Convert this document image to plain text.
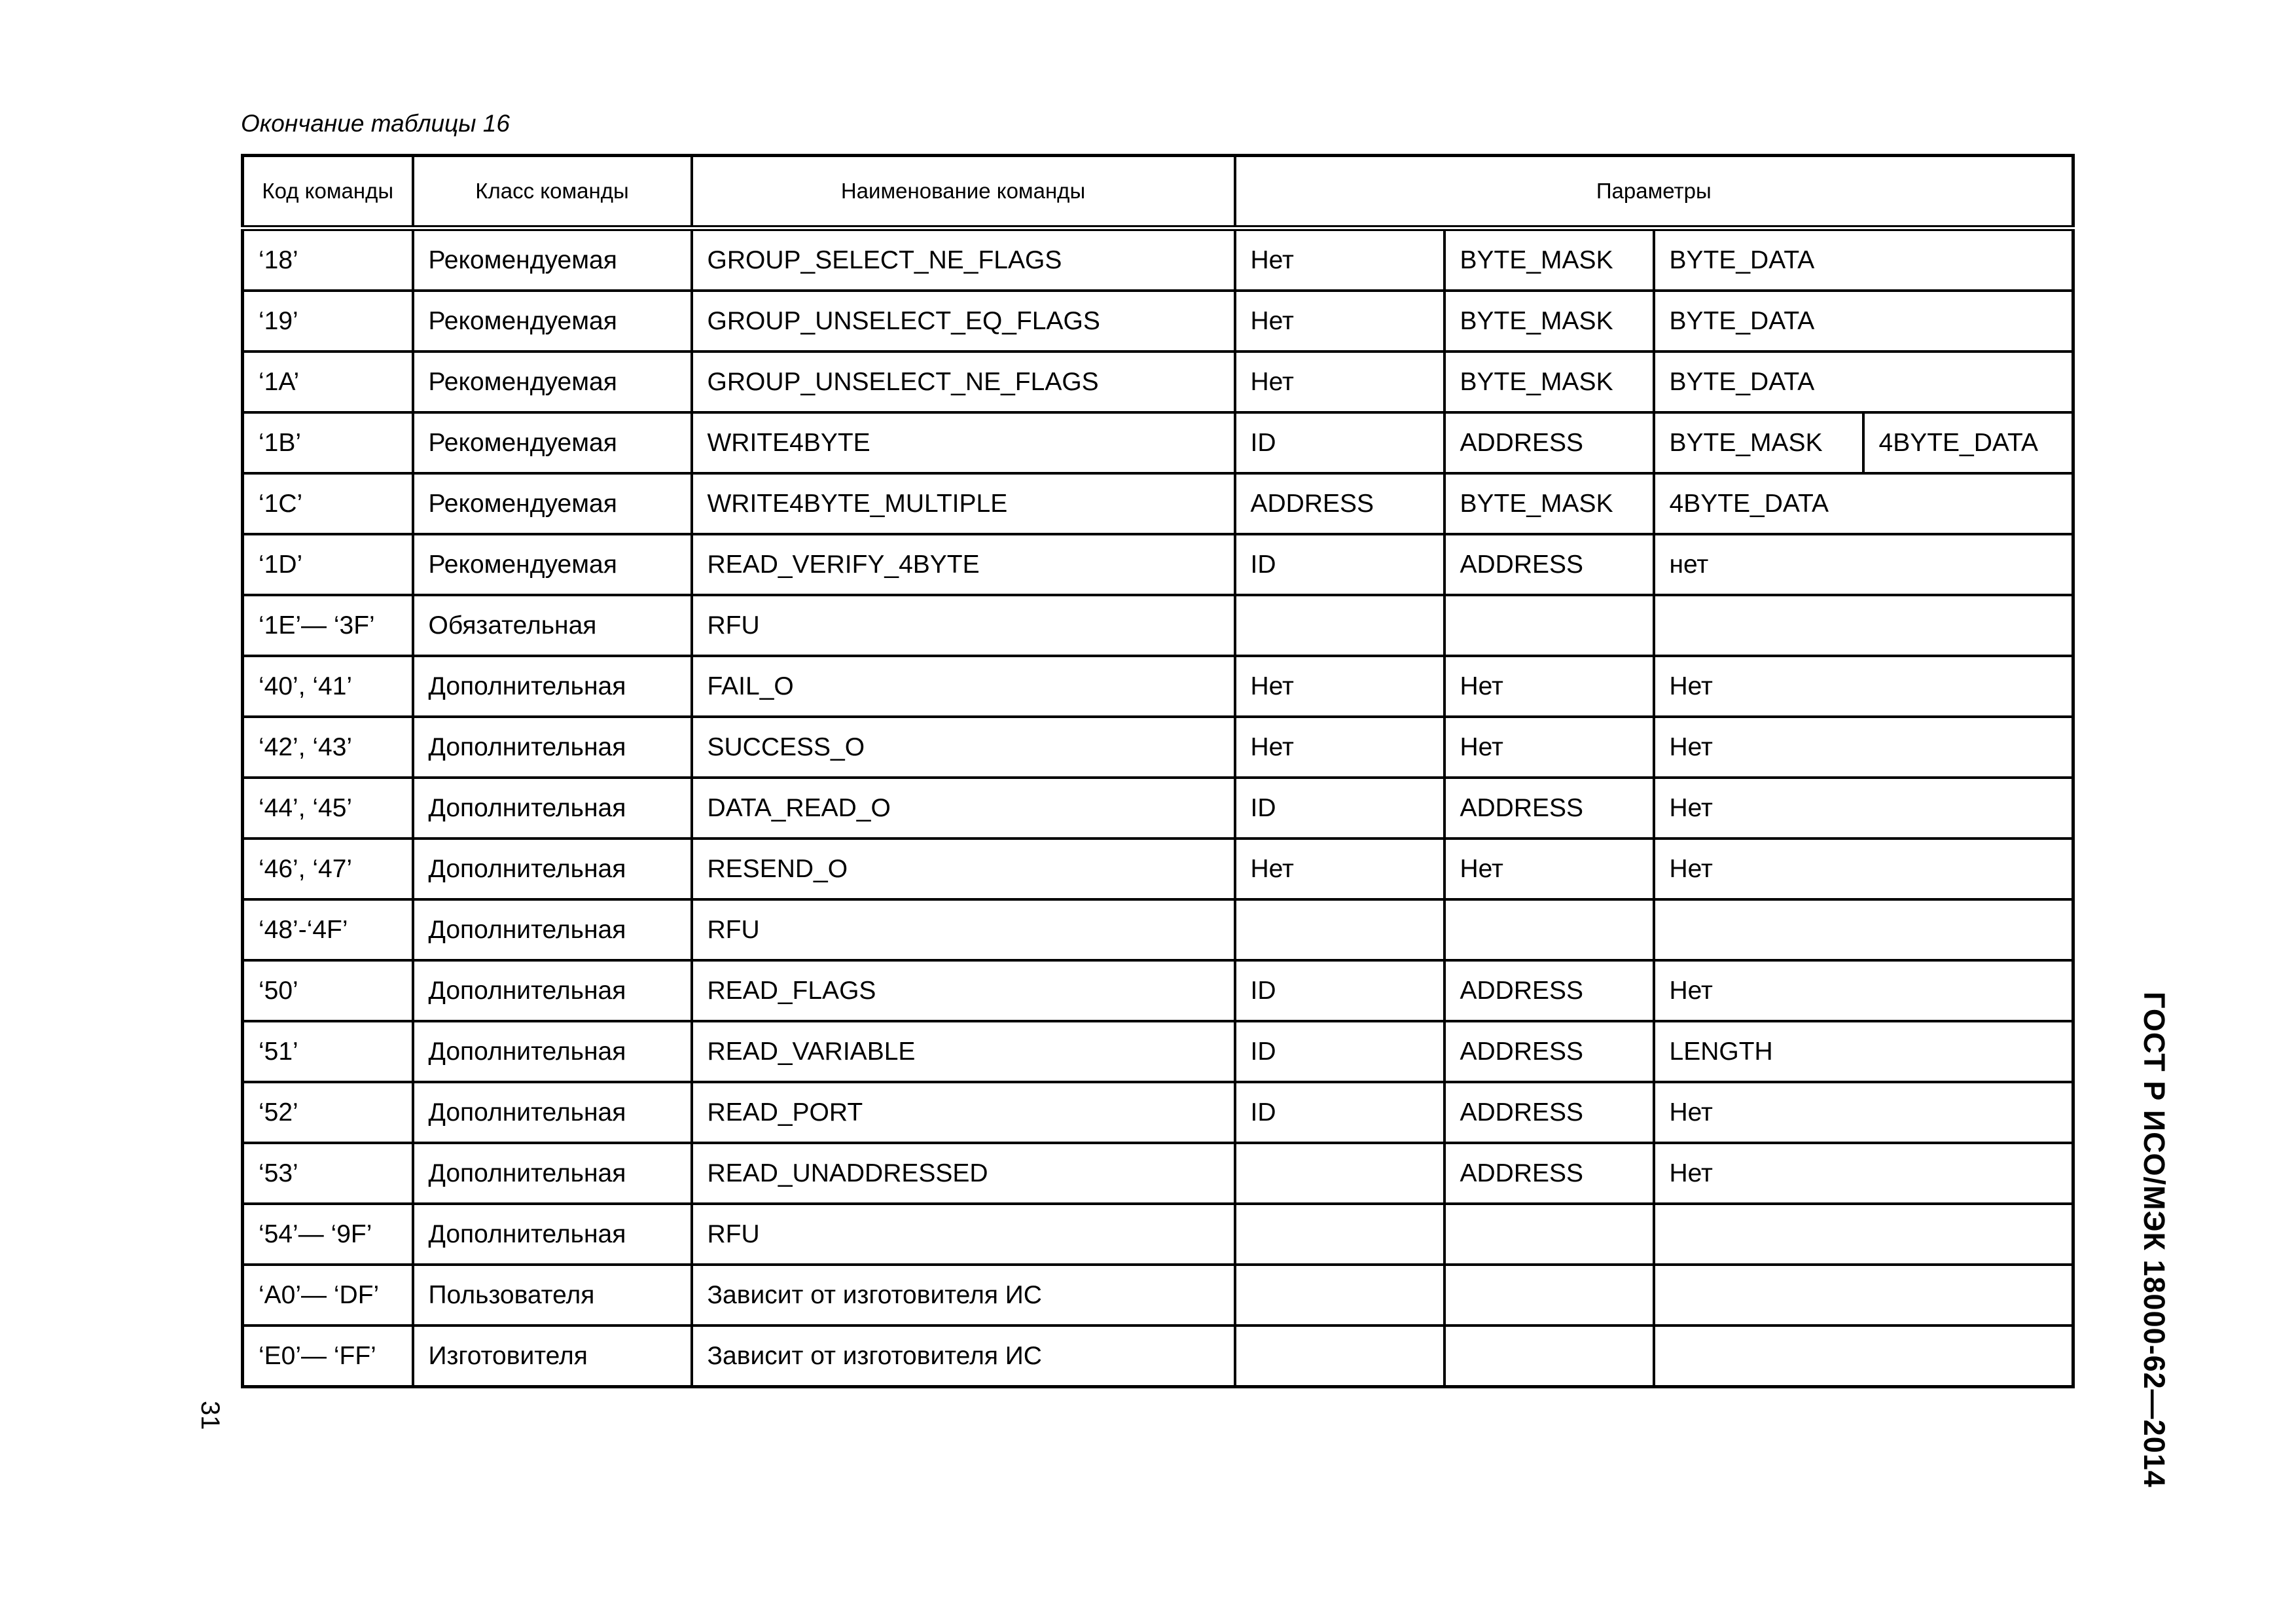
Окончание таблицы 16
Код команды	Класс команды	Наименование команды	Параметры			
‘18’	Рекомендуемая	GROUP_SELECT_NE_FLAGS	Нет	BYTE_MASK	BYTE_DATA	
‘19’	Рекомендуемая	GROUP_UNSELECT_EQ_FLAGS	Нет	BYTE_MASK	BYTE_DATA	
‘1A’	Рекомендуемая	GROUP_UNSELECT_NE_FLAGS	Нет	BYTE_MASK	BYTE_DATA	
‘1B’	Рекомендуемая	WRITE4BYTE	ID	ADDRESS	BYTE_MASK	4BYTE_DATA
‘1C’	Рекомендуемая	WRITE4BYTE_MULTIPLE	ADDRESS	BYTE_MASK	4BYTE_DATA	
‘1D’	Рекомендуемая	READ_VERIFY_4BYTE	ID	ADDRESS	нет	
‘1E’— ‘3F’	Обязательная	RFU				
‘40’, ‘41’	Дополнительная	FAIL_O	Нет	Нет	Нет	
‘42’, ‘43’	Дополнительная	SUCCESS_O	Нет	Нет	Нет	
‘44’, ‘45’	Дополнительная	DATA_READ_O	ID	ADDRESS	Нет	
‘46’, ‘47’	Дополнительная	RESEND_O	Нет	Нет	Нет	
‘48’-‘4F’	Дополнительная	RFU				
‘50’	Дополнительная	READ_FLAGS	ID	ADDRESS	Нет	
‘51’	Дополнительная	READ_VARIABLE	ID	ADDRESS	LENGTH	
‘52’	Дополнительная	READ_PORT	ID	ADDRESS	Нет	
‘53’	Дополнительная	READ_UNADDRESSED		ADDRESS	Нет	
‘54’— ‘9F’	Дополнительная	RFU				
‘A0’— ‘DF’	Пользователя	Зависит от изготовителя ИС				
‘E0’— ‘FF’	Изготовителя	Зависит от изготовителя ИС					ГОСТ Р ИСО/МЭК 18000-62—2014
31
